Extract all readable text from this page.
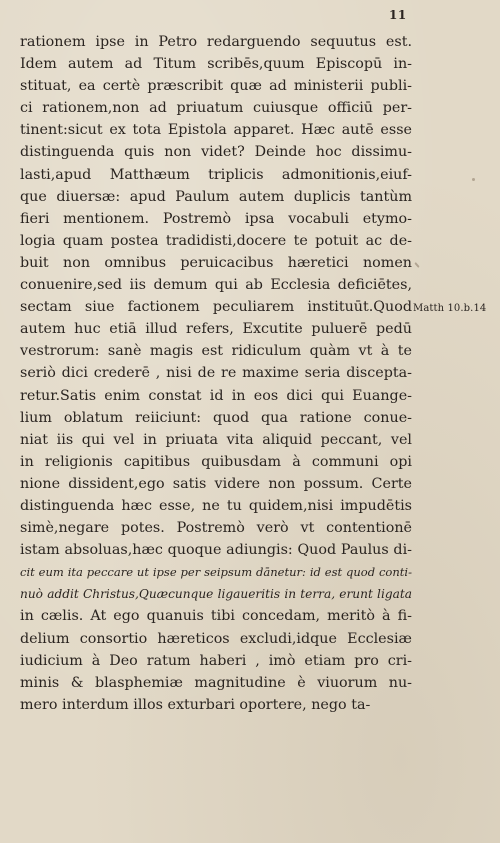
11
rationem ipse in Petro redarguendo sequutus est.
Idem autem ad Titum scribēs,quum Episcopū in-
stituat, ea certè præscribit quæ ad ministerii publi-
ci rationem,non ad priuatum cuiusque officiū per-
tinent:sicut ex tota Epistola apparet. Hæc autē esse
distinguenda quis non videt? Deinde hoc dissimu-
lasti,apud Matthæum triplicis admonitionis,eiuf-
que diuersæ: apud Paulum autem duplicis tantùm
fieri mentionem. Postremò ipsa vocabuli etymo-
logia quam postea tradidisti,docere te potuit ac de-
buit non omnibus peruicacibus hæretici nomen
conuenire,sed iis demum qui ab Ecclesia deficiētes,
sectam siue factionem peculiarem instituūt.Quod
autem huc etiā illud refers, Excutite puluerē pedū
vestrorum: sanè magis est ridiculum quàm vt à te
seriò dici crederē , nisi de re maxime seria disceptа-
retur.Satis enim constat id in eos dici qui Euange-
lium oblatum reiiciunt: quod qua ratione conue-
niat iis qui vel in priuata vita aliquid peccant, vel
in religionis capitibus quibusdam à communi opi
nione dissident,ego satis videre non possum. Certe
distinguenda hæc esse, ne tu quidem,nisi impudētis
simè,negare potes. Postremò verò vt contentionē
istam absoluas,hæc quoque adiungis: Quod Paulus di-
cit eum ita peccare ut ipse per seipsum dānetur: id est quod conti-
nuò addit Christus,Quæcunque ligaueritis in terra, erunt ligata
in cælis. At ego quanuis tibi concedam, meritò à fi-
delium consortio hæreticos excludi,idque Ecclesiæ
iudicium à Deo ratum haberi , imò etiam pro cri-
minis & blasphemiæ magnitudine è viuorum nu-
mero interdum illos exturbari oportere, nego ta-
Matth 10.b.14
